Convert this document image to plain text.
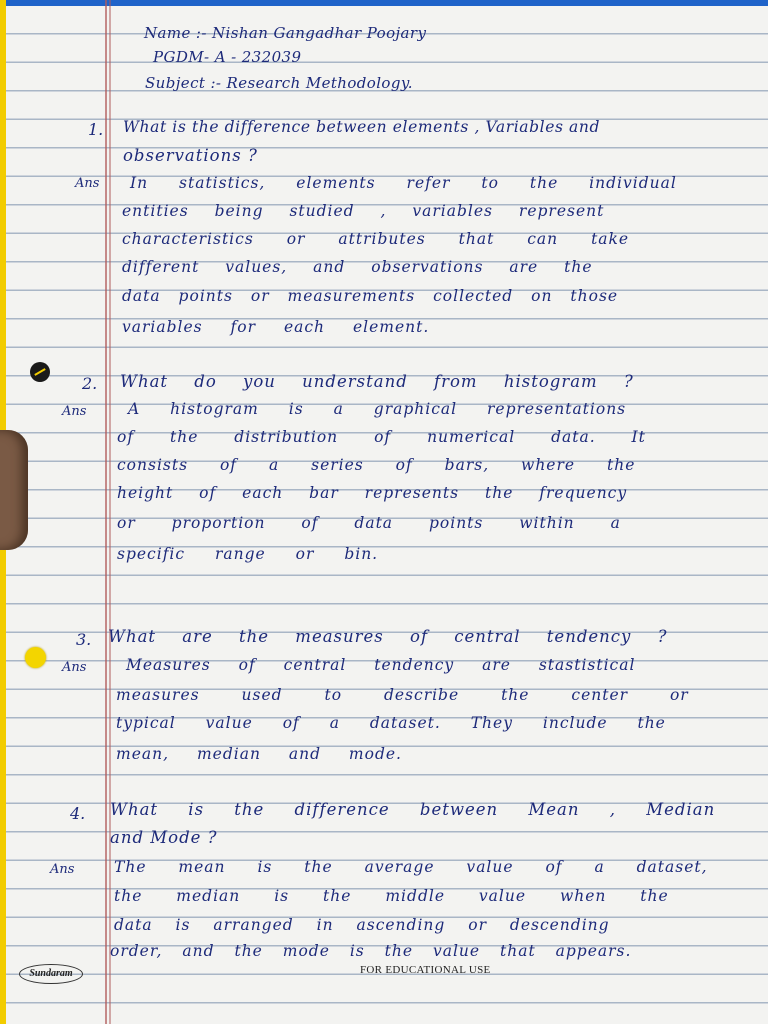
Name :- Nishan Gangadhar Poojary
PGDM- A - 232039
Subject :- Research Methodology.
1. What is the difference between elements , Variables and
observations ?
Ans In statistics, elements refer to the individual
entities being studied , variables represent
characteristics or attributes that can take
different values, and observations are the
data points or measurements collected on those
variables for each element.
2. What do you understand from histogram ?
Ans	A histogram is a graphical representations
of the distribution of numerical data. It
consists of a series of bars, where the
height of each bar represents the frequency
or proportion of data points within a
specific range or bin.
3. What are the measures of central tendency ?
Ans	Measures of central tendency are stastistical
measures used to describe the center or
typical value of a dataset. They include the
mean, median and mode.
4. What is the difference between Mean , Median
and Mode ?
Ans	The mean is the average value of a dataset,
the median is the middle value when the
data is arranged in ascending or descending
order, and the mode is the value that appears.
Sundaram	FOR EDUCATIONAL USE
